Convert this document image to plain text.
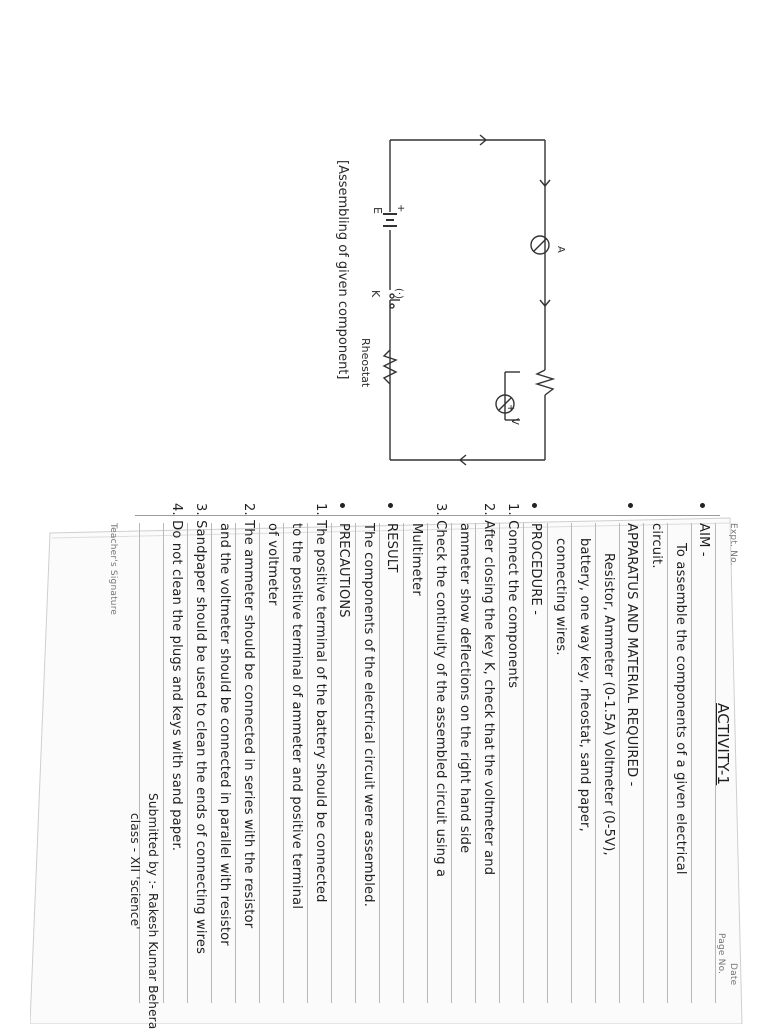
[Assembling of given component] K
E
Rheostat
A
V
(·)
+
+
Expt. No.
Date
Page No.
ACTIVITY-1
AIM -
To assemble the components of a given electrical
circuit.
APPARATUS AND MATERIAL REQUIRED -
Resistor, Ammeter (0-1.5A) Voltmeter (0-5V),
battery, one way key, rheostat, sand paper,
connecting wires.
PROCEDURE -
1. Connect the components
2. After closing the key K, check that the voltmeter and
ammeter show deflections on the right hand side
3. Check the continuity of the assembled circuit using a
Multimeter
RESULT
The components of the electrical circuit were assembled.
PRECAUTIONS
1. The positive terminal of the battery should be connected
to the positive terminal of ammeter and positive terminal
of voltmeter
2. The ammeter should be connected in series with the resistor
and the voltmeter should be connected in parallel with resistor
3. Sandpaper should be used to clean the ends of connecting wires
4. Do not clean the plugs and keys with sand paper.
Submitted by :- Rakesh Kumar Behera
class - XII 'science'
Teacher's Signature
